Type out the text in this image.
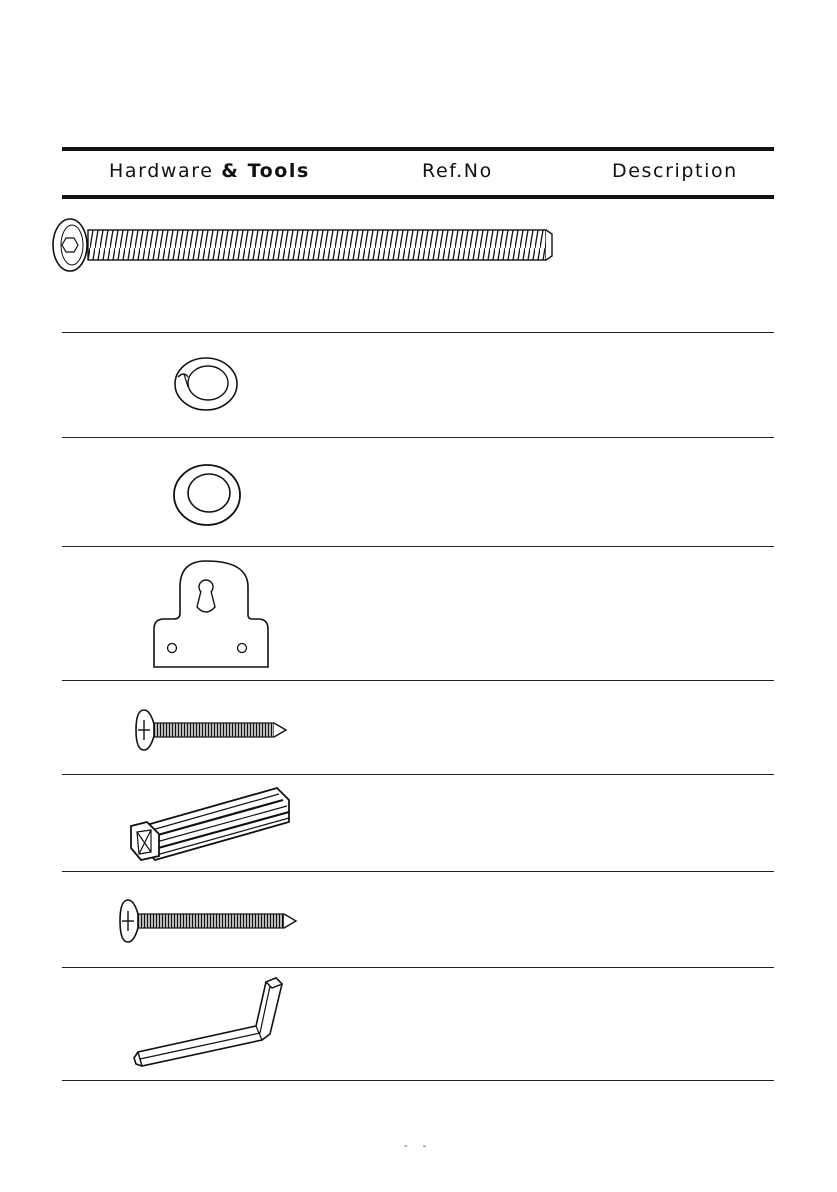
Hardware & Tools	Ref.No	Description
- -
